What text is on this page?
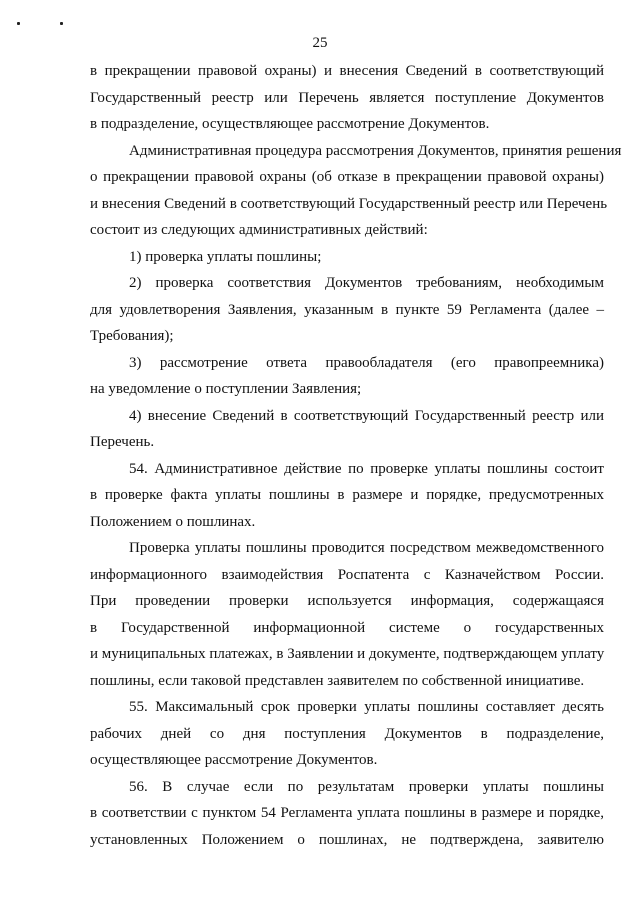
25
в прекращении правовой охраны) и внесения Сведений в соответствующий
Государственный реестр или Перечень является поступление Документов
в подразделение, осуществляющее рассмотрение Документов.
Административная процедура рассмотрения Документов, принятия решения
о прекращении правовой охраны (об отказе в прекращении правовой охраны)
и внесения Сведений в соответствующий Государственный реестр или Перечень
состоит из следующих административных действий:
1) проверка уплаты пошлины;
2) проверка соответствия Документов требованиям, необходимым
для удовлетворения Заявления, указанным в пункте 59 Регламента (далее –
Требования);
3) рассмотрение ответа правообладателя (его правопреемника)
на уведомление о поступлении Заявления;
4) внесение Сведений в соответствующий Государственный реестр или
Перечень.
54. Административное действие по проверке уплаты пошлины состоит
в проверке факта уплаты пошлины в размере и порядке, предусмотренных
Положением о пошлинах.
Проверка уплаты пошлины проводится посредством межведомственного
информационного взаимодействия Роспатента с Казначейством России.
При проведении проверки используется информация, содержащаяся
в Государственной информационной системе о государственных
и муниципальных платежах, в Заявлении и документе, подтверждающем уплату
пошлины, если таковой представлен заявителем по собственной инициативе.
55. Максимальный срок проверки уплаты пошлины составляет десять
рабочих дней со дня поступления Документов в подразделение,
осуществляющее рассмотрение Документов.
56. В случае если по результатам проверки уплаты пошлины
в соответствии с пунктом 54 Регламента уплата пошлины в размере и порядке,
установленных Положением о пошлинах, не подтверждена, заявителю
